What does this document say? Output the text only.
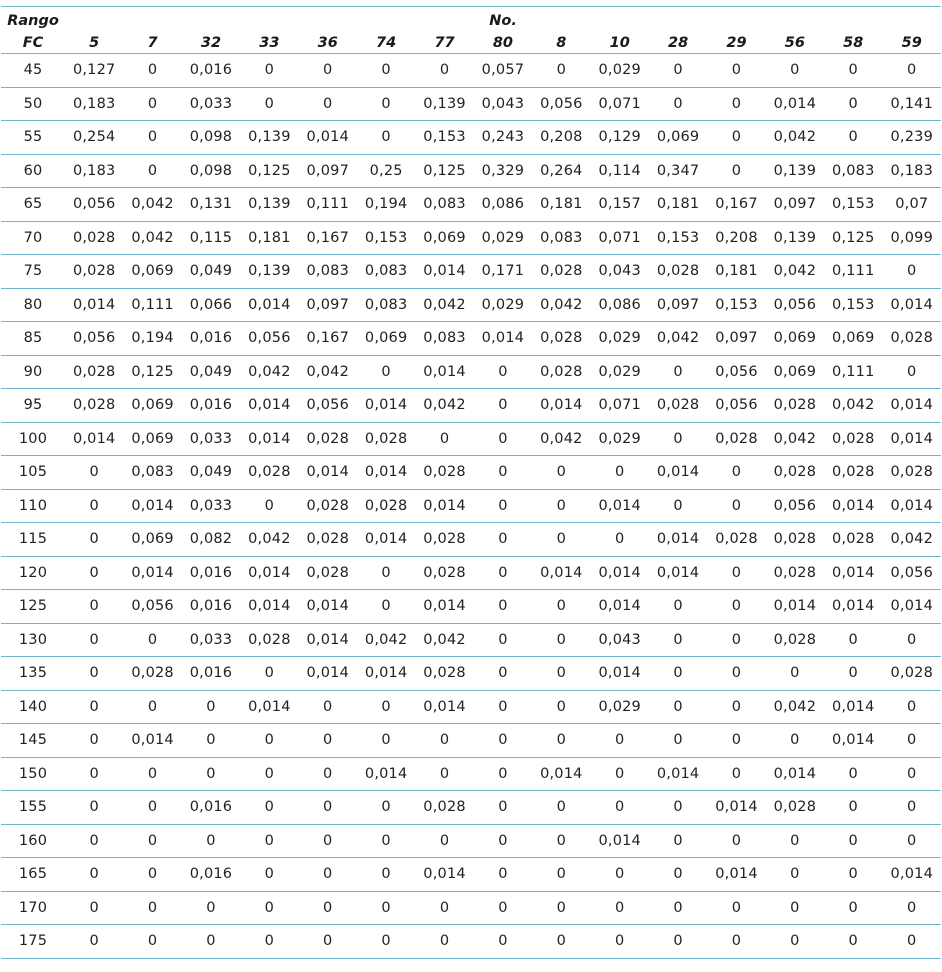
Rango	No.														
FC	5	7	32	33	36	74	77	80	8	10	28	29	56	58	59
45	0,127	0	0,016	0	0	0	0	0,057	0	0,029	0	0	0	0	0
50	0,183	0	0,033	0	0	0	0,139	0,043	0,056	0,071	0	0	0,014	0	0,141
55	0,254	0	0,098	0,139	0,014	0	0,153	0,243	0,208	0,129	0,069	0	0,042	0	0,239
60	0,183	0	0,098	0,125	0,097	0,25	0,125	0,329	0,264	0,114	0,347	0	0,139	0,083	0,183
65	0,056	0,042	0,131	0,139	0,111	0,194	0,083	0,086	0,181	0,157	0,181	0,167	0,097	0,153	0,07
70	0,028	0,042	0,115	0,181	0,167	0,153	0,069	0,029	0,083	0,071	0,153	0,208	0,139	0,125	0,099
75	0,028	0,069	0,049	0,139	0,083	0,083	0,014	0,171	0,028	0,043	0,028	0,181	0,042	0,111	0
80	0,014	0,111	0,066	0,014	0,097	0,083	0,042	0,029	0,042	0,086	0,097	0,153	0,056	0,153	0,014
85	0,056	0,194	0,016	0,056	0,167	0,069	0,083	0,014	0,028	0,029	0,042	0,097	0,069	0,069	0,028
90	0,028	0,125	0,049	0,042	0,042	0	0,014	0	0,028	0,029	0	0,056	0,069	0,111	0
95	0,028	0,069	0,016	0,014	0,056	0,014	0,042	0	0,014	0,071	0,028	0,056	0,028	0,042	0,014
100	0,014	0,069	0,033	0,014	0,028	0,028	0	0	0,042	0,029	0	0,028	0,042	0,028	0,014
105	0	0,083	0,049	0,028	0,014	0,014	0,028	0	0	0	0,014	0	0,028	0,028	0,028
110	0	0,014	0,033	0	0,028	0,028	0,014	0	0	0,014	0	0	0,056	0,014	0,014
115	0	0,069	0,082	0,042	0,028	0,014	0,028	0	0	0	0,014	0,028	0,028	0,028	0,042
120	0	0,014	0,016	0,014	0,028	0	0,028	0	0,014	0,014	0,014	0	0,028	0,014	0,056
125	0	0,056	0,016	0,014	0,014	0	0,014	0	0	0,014	0	0	0,014	0,014	0,014
130	0	0	0,033	0,028	0,014	0,042	0,042	0	0	0,043	0	0	0,028	0	0
135	0	0,028	0,016	0	0,014	0,014	0,028	0	0	0,014	0	0	0	0	0,028
140	0	0	0	0,014	0	0	0,014	0	0	0,029	0	0	0,042	0,014	0
145	0	0,014	0	0	0	0	0	0	0	0	0	0	0	0,014	0
150	0	0	0	0	0	0,014	0	0	0,014	0	0,014	0	0,014	0	0
155	0	0	0,016	0	0	0	0,028	0	0	0	0	0,014	0,028	0	0
160	0	0	0	0	0	0	0	0	0	0,014	0	0	0	0	0
165	0	0	0,016	0	0	0	0,014	0	0	0	0	0,014	0	0	0,014
170	0	0	0	0	0	0	0	0	0	0	0	0	0	0	0
175	0	0	0	0	0	0	0	0	0	0	0	0	0	0	0
